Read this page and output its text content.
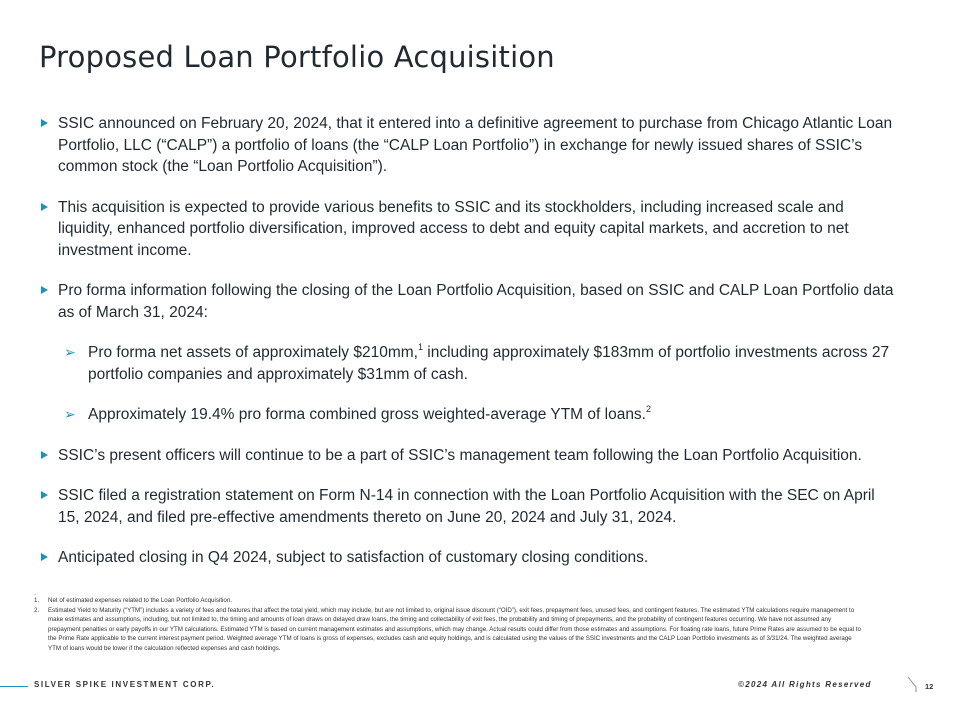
Proposed Loan Portfolio Acquisition
SSIC announced on February 20, 2024, that it entered into a definitive agreement to purchase from Chicago Atlantic Loan Portfolio, LLC (“CALP”) a portfolio of loans (the “CALP Loan Portfolio”) in exchange for newly issued shares of SSIC’s common stock (the “Loan Portfolio Acquisition”).
This acquisition is expected to provide various benefits to SSIC and its stockholders, including increased scale and liquidity, enhanced portfolio diversification, improved access to debt and equity capital markets, and accretion to net investment income.
Pro forma information following the closing of the Loan Portfolio Acquisition, based on SSIC and CALP Loan Portfolio data as of March 31, 2024:
➢ Pro forma net assets of approximately $210mm,$^1$ including approximately $183mm of portfolio investments across 27 portfolio companies and approximately $31mm of cash.
➢ Approximately 19.4% pro forma combined gross weighted-average YTM of loans.$^2$
SSIC’s present officers will continue to be a part of SSIC’s management team following the Loan Portfolio Acquisition.
SSIC filed a registration statement on Form N-14 in connection with the Loan Portfolio Acquisition with the SEC on April 15, 2024, and filed pre-effective amendments thereto on June 20, 2024 and July 31, 2024.
Anticipated closing in Q4 2024, subject to satisfaction of customary closing conditions.
.
1. Net of estimated expenses related to the Loan Portfolio Acquisition.
2. Estimated Yield to Maturity (“YTM”) includes a variety of fees and features that affect the total yield, which may include, but are not limited to, original issue discount (“OID”), exit fees, prepayment fees, unused fees, and contingent features. The estimated YTM calculations require management to make estimates and assumptions, including, but not limited to, the timing and amounts of loan draws on delayed draw loans, the timing and collectability of exit fees, the probability and timing of prepayments, and the probability of contingent features occurring. We have not assumed any prepayment penalties or early payoffs in our YTM calculations. Estimated YTM is based on current management estimates and assumptions, which may change. Actual results could differ from those estimates and assumptions. For floating rate loans, future Prime Rates are assumed to be equal to the Prime Rate applicable to the current interest payment period. Weighted average YTM of loans is gross of expenses, excludes cash and equity holdings, and is calculated using the values of the SSIC investments and the CALP Loan Portfolio investments as of 3/31/24. The weighted average YTM of loans would be lower if the calculation reflected expenses and cash holdings.
SILVER SPIKE INVESTMENT CORP.	©2024 All Rights Reserved	12
